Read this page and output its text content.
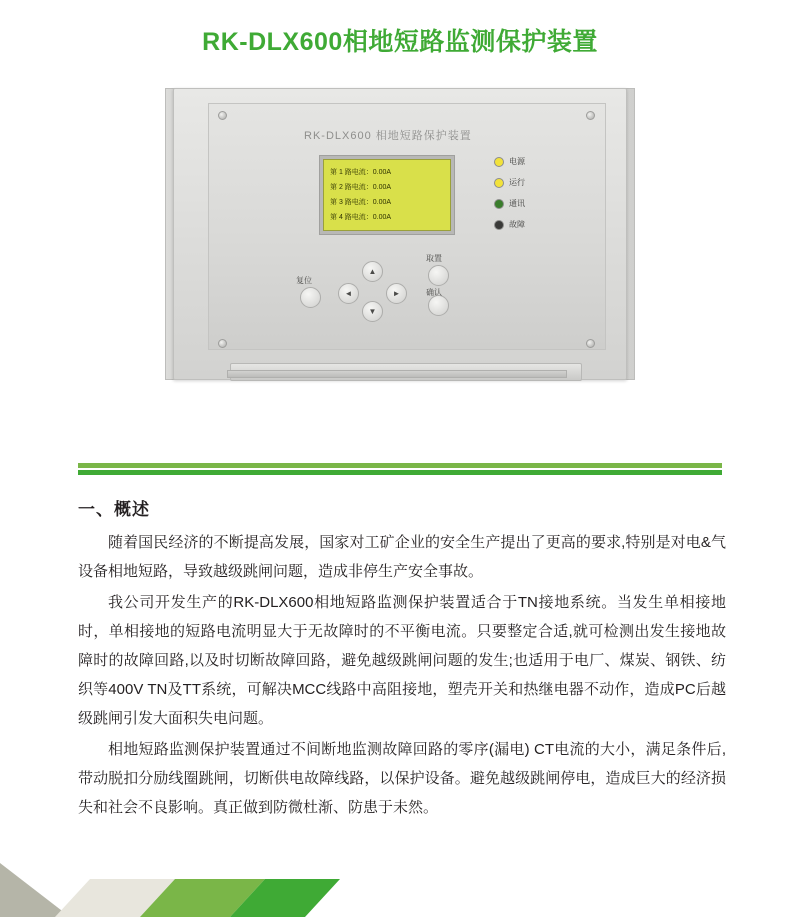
RK-DLX600相地短路监测保护装置
RK-DLX600 相地短路保护装置
第 1 路电流：0.00A
第 2 路电流：0.00A
第 3 路电流：0.00A
第 4 路电流：0.00A
电源
运行
通讯
故障
▲
◄	►
▼
复位
取置
确认
一、概述

随着国民经济的不断提高发展，国家对工矿企业的安全生产提出了更高的要求,特别是对电&气设备相地短路，导致越级跳闸问题，造成非停生产安全事故。

我公司开发生产的RK-DLX600相地短路监测保护装置适合于TN接地系统。当发生单相接地时，单相接地的短路电流明显大于无故障时的不平衡电流。只要整定合适,就可检测出发生接地故障时的故障回路,以及时切断故障回路，避免越级跳闸问题的发生;也适用于电厂、煤炭、钢铁、纺织等400V TN及TT系统，可解决MCC线路中高阻接地，塑壳开关和热继电器不动作，造成PC后越级跳闸引发大面积失电问题。

相地短路监测保护装置通过不间断地监测故障回路的零序(漏电) CT电流的大小，满足条件后,带动脱扣分励线圈跳闸，切断供电故障线路，以保护设备。避免越级跳闸停电，造成巨大的经济损失和社会不良影响。真正做到防微杜渐、防患于未然。
